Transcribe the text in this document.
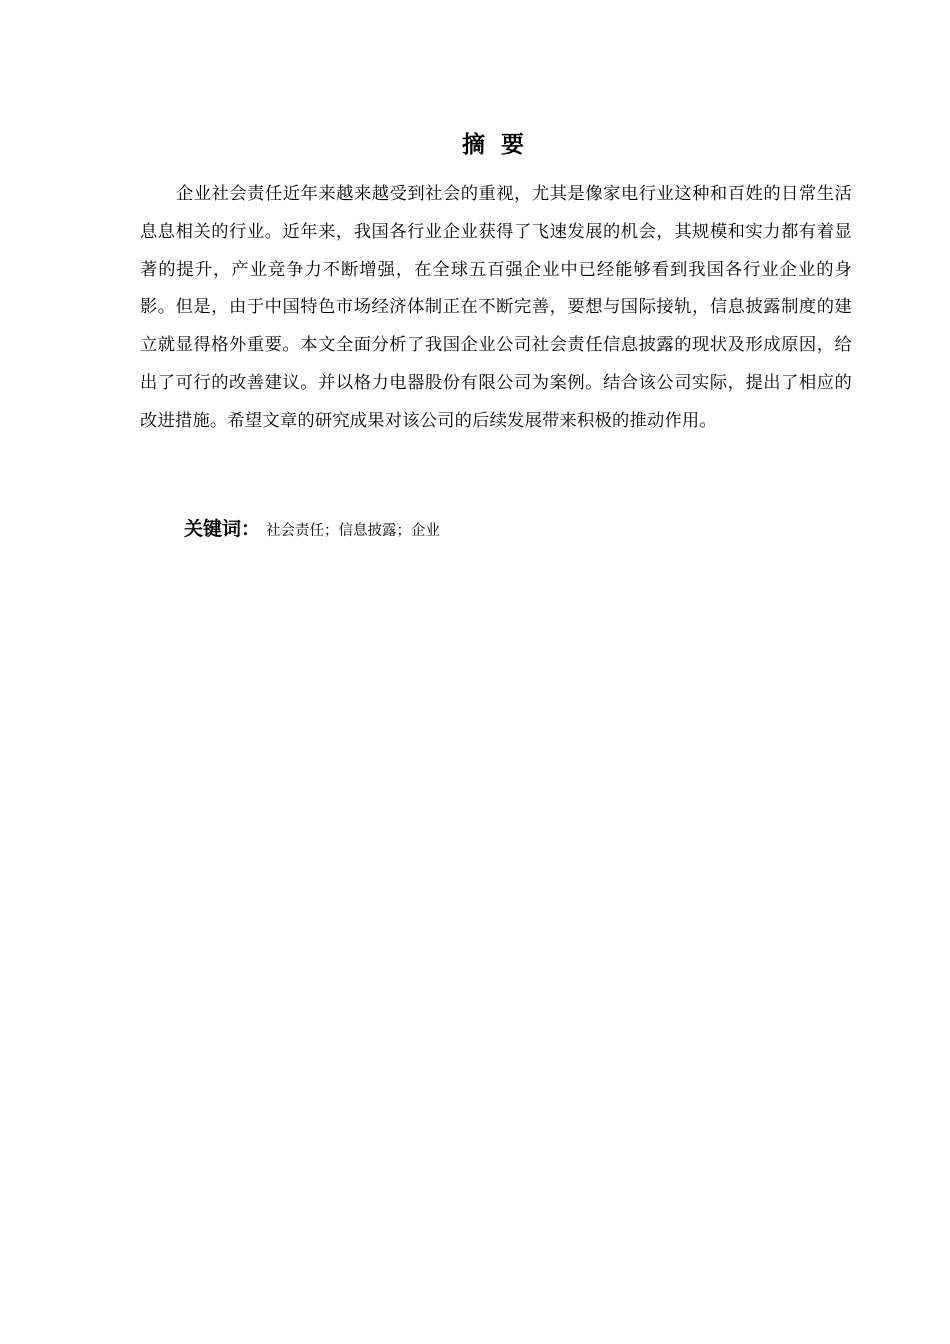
摘 要

企业社会责任近年来越来越受到社会的重视，尤其是像家电行业这种和百姓的日常生活息息相关的行业。近年来，我国各行业企业获得了飞速发展的机会，其规模和实力都有着显著的提升，产业竞争力不断增强，在全球五百强企业中已经能够看到我国各行业企业的身影。但是，由于中国特色市场经济体制正在不断完善，要想与国际接轨，信息披露制度的建立就显得格外重要。本文全面分析了我国企业公司社会责任信息披露的现状及形成原因，给出了可行的改善建议。并以格力电器股份有限公司为案例。结合该公司实际，提出了相应的改进措施。希望文章的研究成果对该公司的后续发展带来积极的推动作用。

关键词： 社会责任；信息披露；企业
